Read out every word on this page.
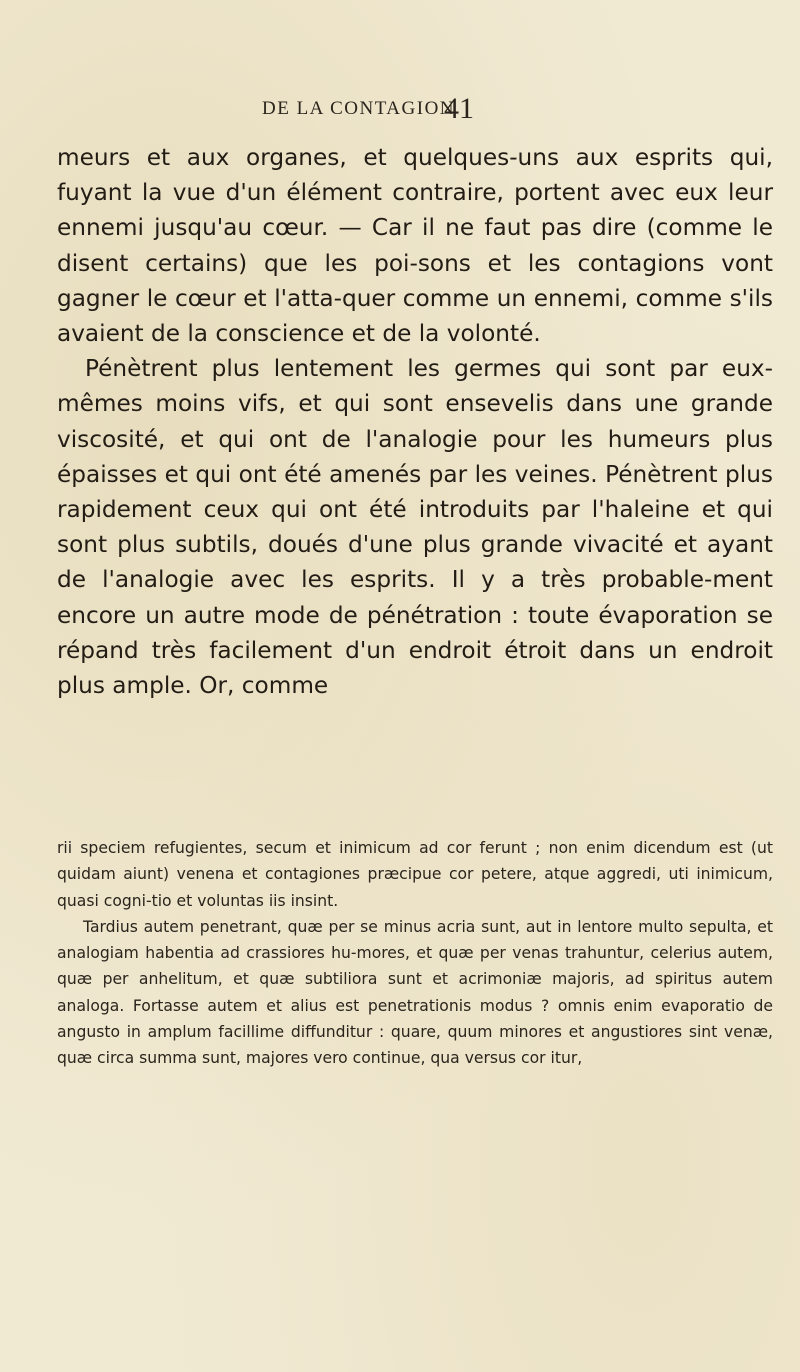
DE LA CONTAGION
41

meurs et aux organes, et quelques-uns aux esprits qui, fuyant la vue d'un élément contraire, portent avec eux leur ennemi jusqu'au cœur. — Car il ne faut pas dire (comme le disent certains) que les poi-sons et les contagions vont gagner le cœur et l'atta-quer comme un ennemi, comme s'ils avaient de la conscience et de la volonté.

Pénètrent plus lentement les germes qui sont par eux-mêmes moins vifs, et qui sont ensevelis dans une grande viscosité, et qui ont de l'analogie pour les humeurs plus épaisses et qui ont été amenés par les veines. Pénètrent plus rapidement ceux qui ont été introduits par l'haleine et qui sont plus subtils, doués d'une plus grande vivacité et ayant de l'analogie avec les esprits. Il y a très probable-ment encore un autre mode de pénétration : toute évaporation se répand très facilement d'un endroit étroit dans un endroit plus ample. Or, comme

rii speciem refugientes, secum et inimicum ad cor ferunt ; non enim dicendum est (ut quidam aiunt) venena et contagiones præcipue cor petere, atque aggredi, uti inimicum, quasi cogni-tio et voluntas iis insint.

Tardius autem penetrant, quæ per se minus acria sunt, aut in lentore multo sepulta, et analogiam habentia ad crassiores hu-mores, et quæ per venas trahuntur, celerius autem, quæ per anhelitum, et quæ subtiliora sunt et acrimoniæ majoris, ad spiritus autem analoga. Fortasse autem et alius est penetrationis modus ? omnis enim evaporatio de angusto in amplum facillime diffunditur : quare, quum minores et angustiores sint venæ, quæ circa summa sunt, majores vero continue, qua versus cor itur,
